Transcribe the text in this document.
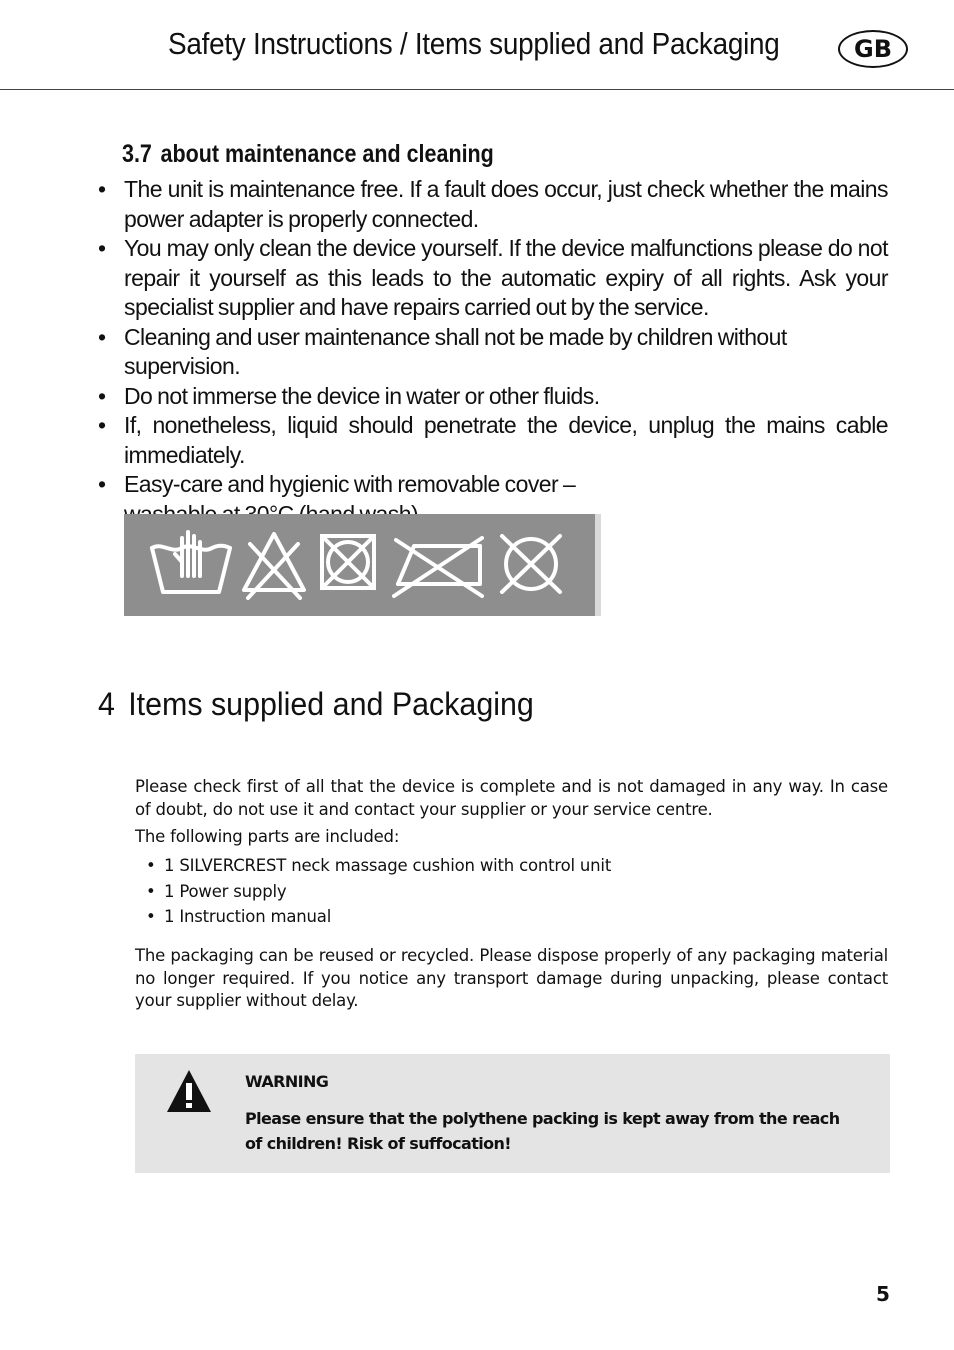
Safety Instructions / Items supplied and Packaging	GB
3.7 about maintenance and cleaning
• The unit is maintenance free. If a fault does occur, just check whether the mains power adapter is properly connected.
• You may only clean the device yourself. If the device malfunctions please do not repair it yourself as this leads to the automatic expiry of all rights. Ask your specialist supplier and have repairs carried out by the service.
• Cleaning and user maintenance shall not be made by children without supervision.
• Do not immerse the device in water or other fluids.
• If, nonetheless, liquid should penetrate the device, unplug the mains cable immediately.
• Easy-care and hygienic with removable cover –

4 Items supplied and Packaging

Please check first of all that the device is complete and is not damaged in any way. In case of doubt, do not use it and contact your supplier or your service centre.

The following parts are included:

• 1 SILVERCREST neck massage cushion with control unit
• 1 Power supply
• 1 Instruction manual

The packaging can be reused or recycled. Please dispose properly of any packaging material no longer required. If you notice any transport damage during unpacking, please contact your supplier without delay.

WARNING

Please ensure that the polythene packing is kept away from the reach of children! Risk of suffocation!

5
